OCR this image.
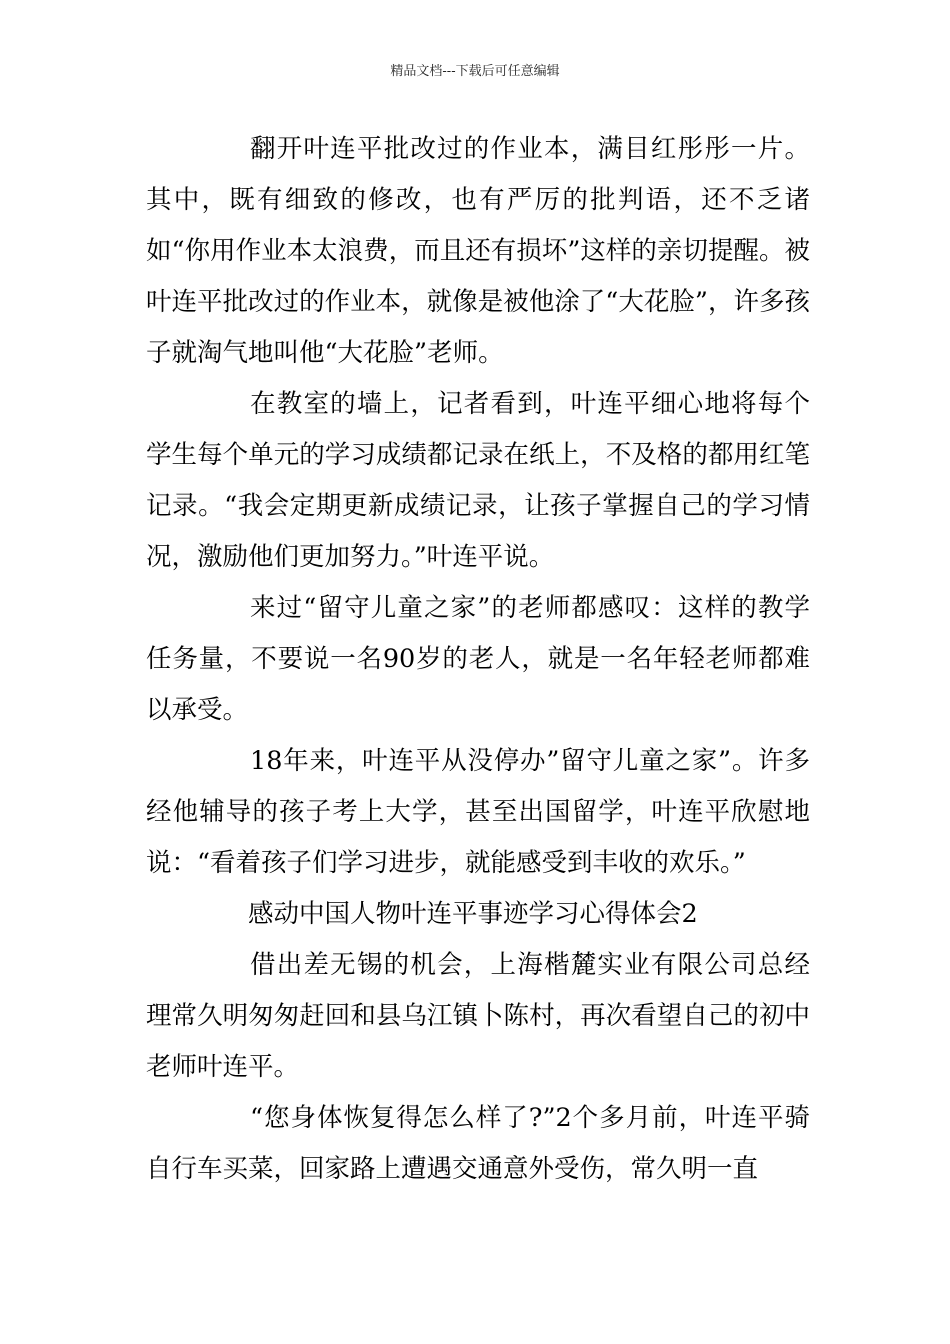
精品文档---下载后可任意编辑

翻开叶连平批改过的作业本，满目红彤彤一片。其中，既有细致的修改，也有严厉的批判语，还不乏诸如“你用作业本太浪费，而且还有损坏”这样的亲切提醒。被叶连平批改过的作业本，就像是被他涂了“大花脸”，许多孩子就淘气地叫他“大花脸”老师。

在教室的墙上，记者看到，叶连平细心地将每个学生每个单元的学习成绩都记录在纸上，不及格的都用红笔记录。“我会定期更新成绩记录，让孩子掌握自己的学习情况，激励他们更加努力。”叶连平说。

来过“留守儿童之家”的老师都感叹：这样的教学任务量，不要说一名90岁的老人，就是一名年轻老师都难以承受。

18年来，叶连平从没停办”留守儿童之家”。许多经他辅导的孩子考上大学，甚至出国留学，叶连平欣慰地说：“看着孩子们学习进步，就能感受到丰收的欢乐。”

感动中国人物叶连平事迹学习心得体会2

借出差无锡的机会，上海楷麓实业有限公司总经理常久明匆匆赶回和县乌江镇卜陈村，再次看望自己的初中老师叶连平。

“您身体恢复得怎么样了?”2个多月前，叶连平骑自行车买菜，回家路上遭遇交通意外受伤，常久明一直
